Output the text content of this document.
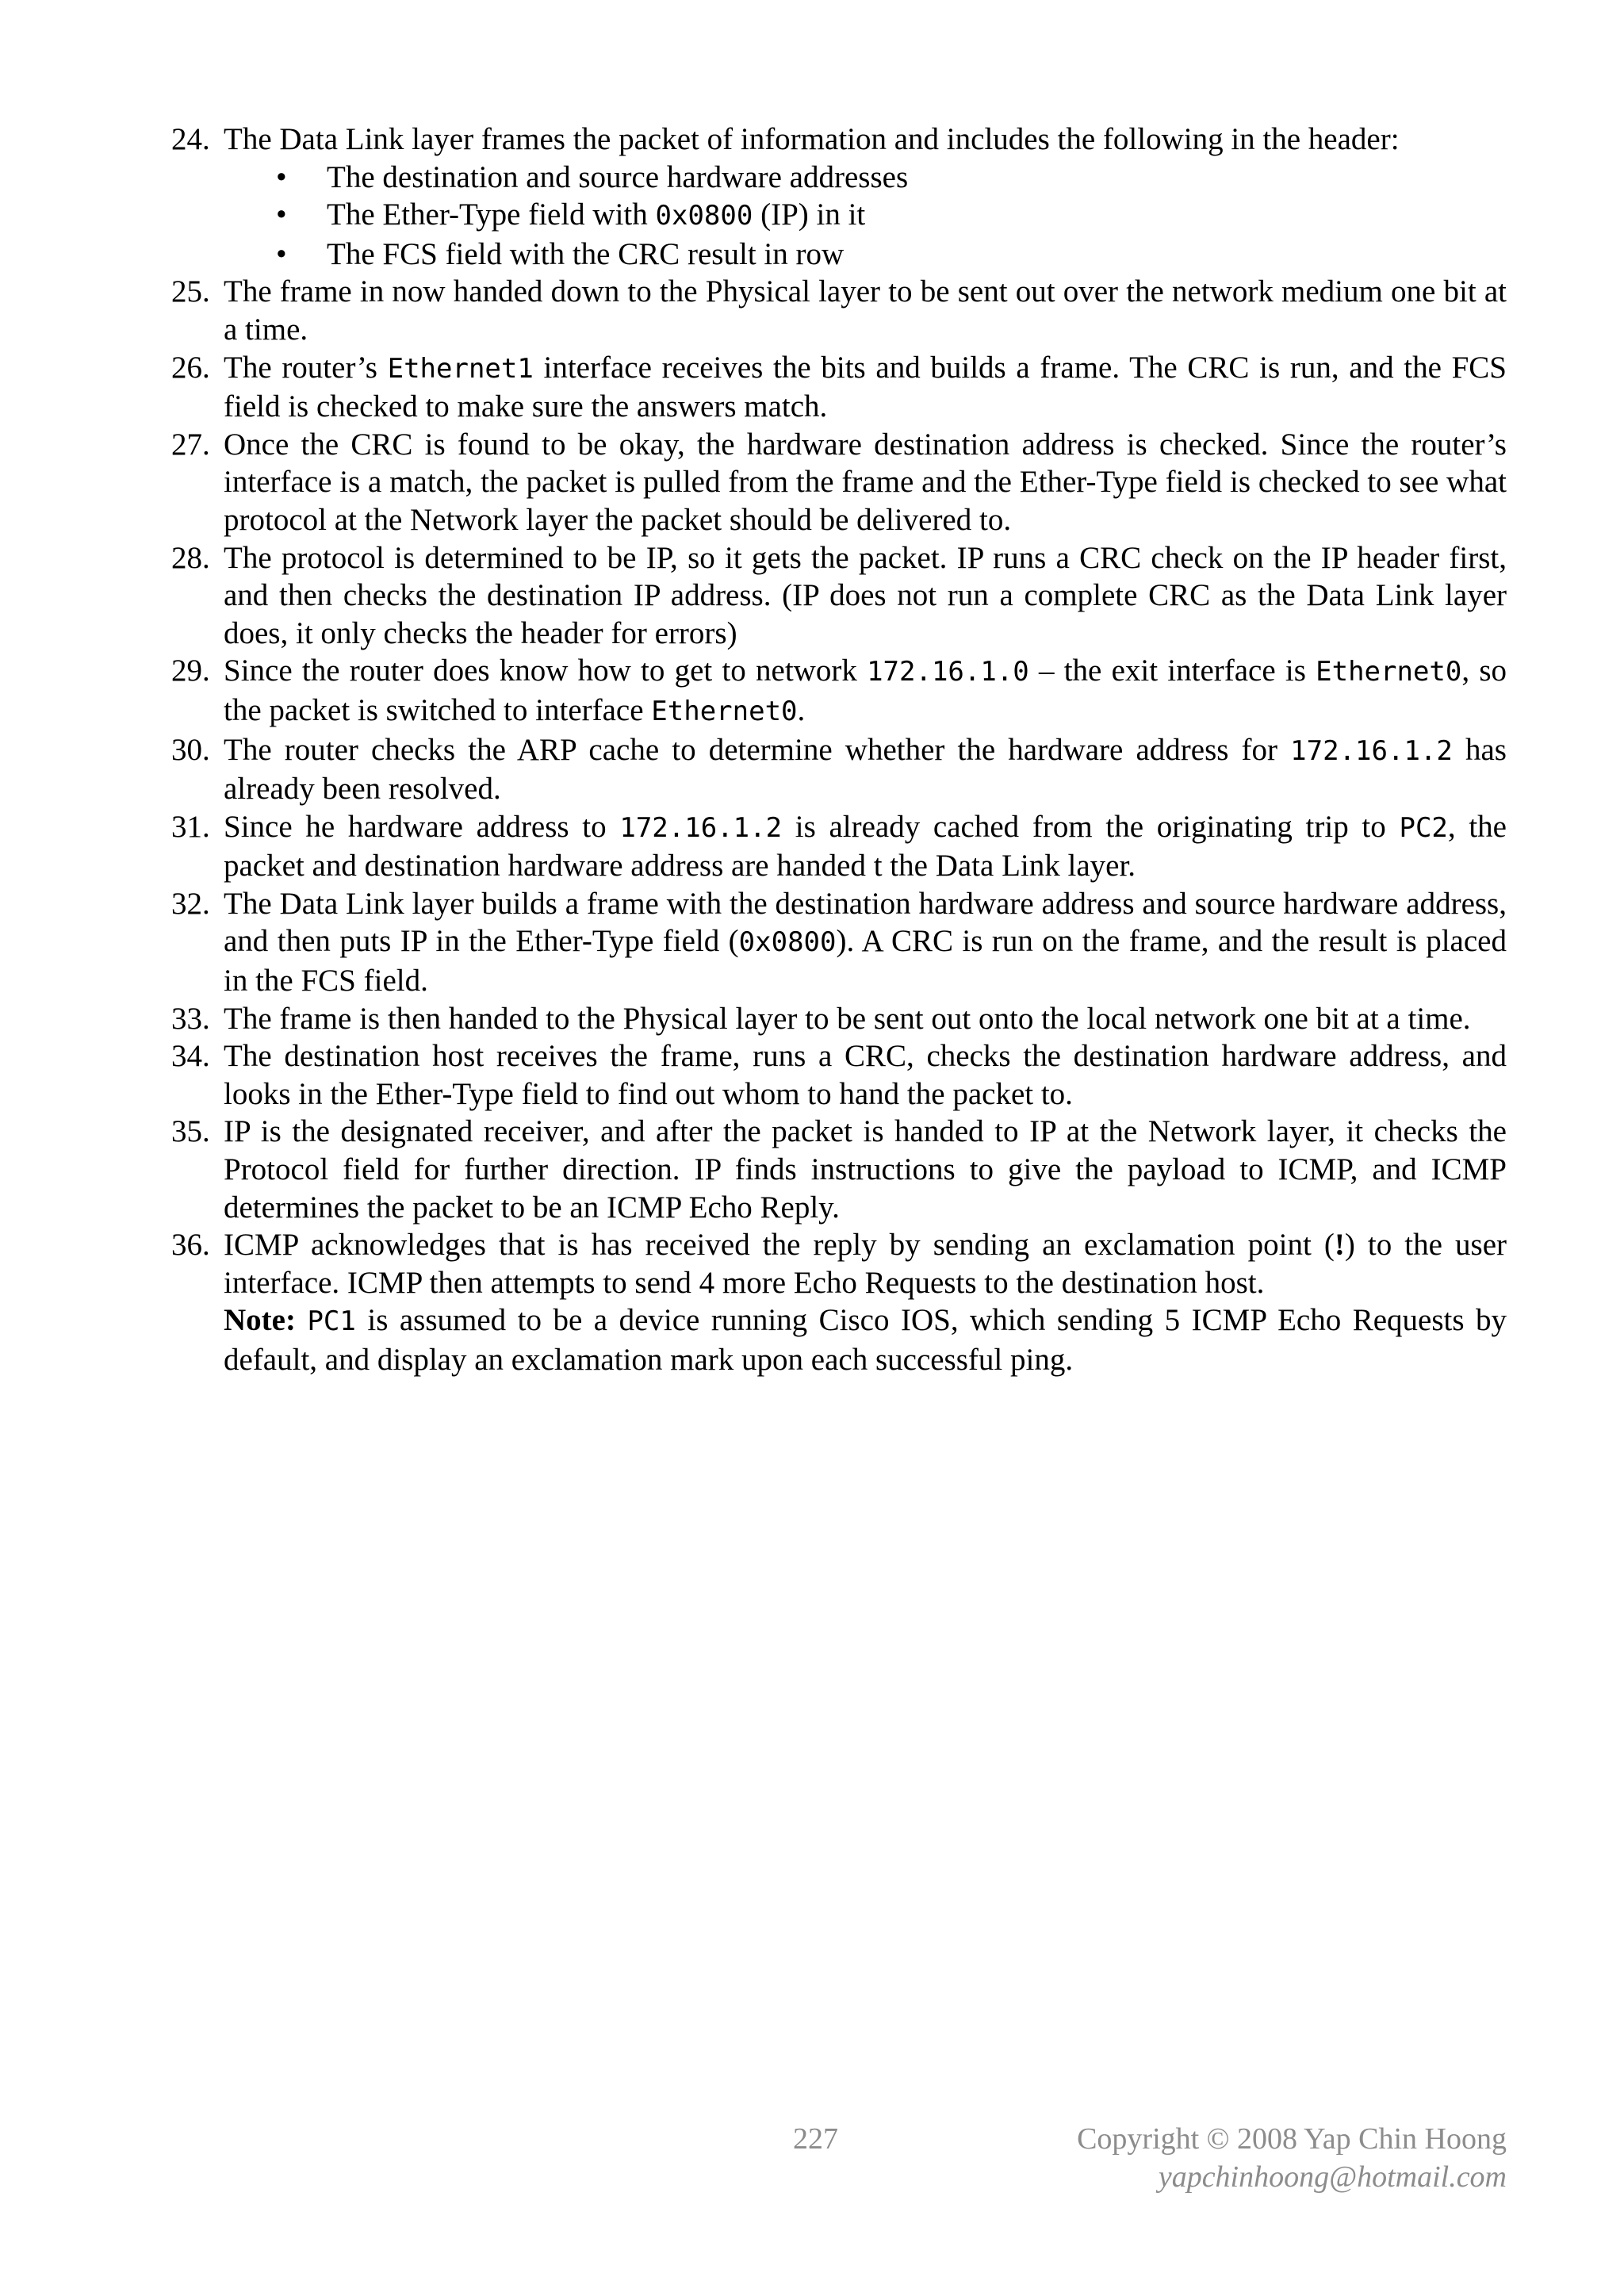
24. The Data Link layer frames the packet of information and includes the following in the header:
• The destination and source hardware addresses
• The Ether-Type field with 0x0800 (IP) in it
• The FCS field with the CRC result in row
25. The frame in now handed down to the Physical layer to be sent out over the network medium one bit at a time.
26. The router’s Ethernet1 interface receives the bits and builds a frame. The CRC is run, and the FCS field is checked to make sure the answers match.
27. Once the CRC is found to be okay, the hardware destination address is checked. Since the router’s interface is a match, the packet is pulled from the frame and the Ether-Type field is checked to see what protocol at the Network layer the packet should be delivered to.
28. The protocol is determined to be IP, so it gets the packet. IP runs a CRC check on the IP header first, and then checks the destination IP address. (IP does not run a complete CRC as the Data Link layer does, it only checks the header for errors)
29. Since the router does know how to get to network 172.16.1.0 – the exit interface is Ethernet0, so the packet is switched to interface Ethernet0.
30. The router checks the ARP cache to determine whether the hardware address for 172.16.1.2 has already been resolved.
31. Since he hardware address to 172.16.1.2 is already cached from the originating trip to PC2, the packet and destination hardware address are handed t the Data Link layer.
32. The Data Link layer builds a frame with the destination hardware address and source hardware address, and then puts IP in the Ether-Type field (0x0800). A CRC is run on the frame, and the result is placed in the FCS field.
33. The frame is then handed to the Physical layer to be sent out onto the local network one bit at a time.
34. The destination host receives the frame, runs a CRC, checks the destination hardware address, and looks in the Ether-Type field to find out whom to hand the packet to.
35. IP is the designated receiver, and after the packet is handed to IP at the Network layer, it checks the Protocol field for further direction. IP finds instructions to give the payload to ICMP, and ICMP determines the packet to be an ICMP Echo Reply.
36. ICMP acknowledges that is has received the reply by sending an exclamation point (!) to the user interface. ICMP then attempts to send 4 more Echo Requests to the destination host.
Note: PC1 is assumed to be a device running Cisco IOS, which sending 5 ICMP Echo Requests by default, and display an exclamation mark upon each successful ping.
227	Copyright © 2008 Yap Chin Hoong
yapchinhoong@hotmail.com
